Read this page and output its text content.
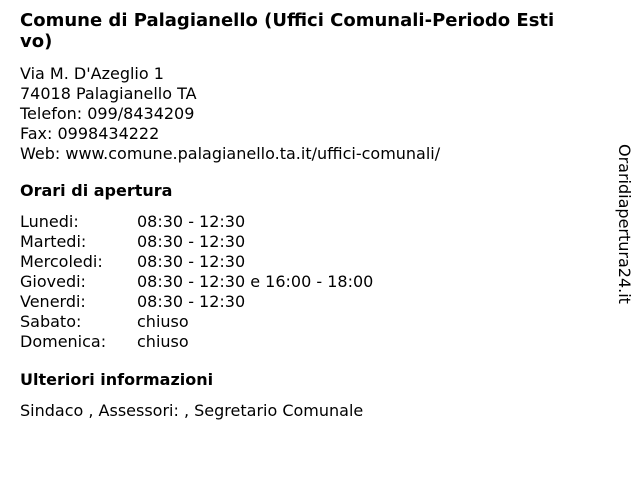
Comune di Palagianello (Uffici Comunali-Periodo Esti
vo)
Via M. D'Azeglio 1
74018 Palagianello TA
Telefon: 099/8434209
Fax: 0998434222
Web: www.comune.palagianello.ta.it/uffici-comunali/
Orari di apertura
Lunedi:	08:30 - 12:30
Martedi:	08:30 - 12:30
Mercoledi:	08:30 - 12:30
Giovedi:	08:30 - 12:30 e 16:00 - 18:00
Venerdi:	08:30 - 12:30
Sabato:	chiuso
Domenica:	chiuso
Ulteriori informazioni
Sindaco , Assessori: , Segretario Comunale
Oraridiapertura24.it
